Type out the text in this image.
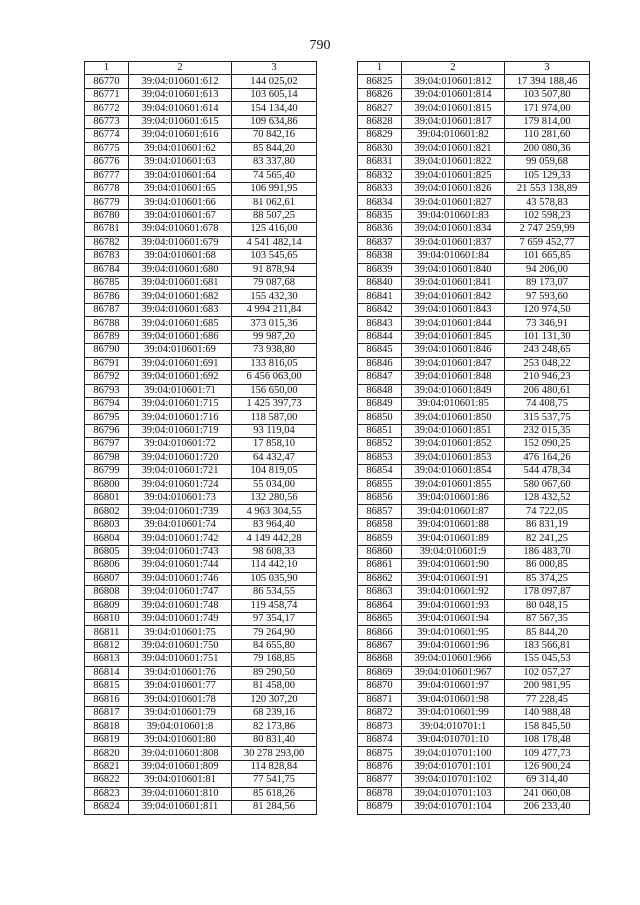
790
1	2	3
86770	39:04:010601:612	144 025,02
86771	39:04:010601:613	103 605,14
86772	39:04:010601:614	154 134,40
86773	39:04:010601:615	109 634,86
86774	39:04:010601:616	70 842,16
86775	39:04:010601:62	85 844,20
86776	39:04:010601:63	83 337,80
86777	39:04:010601:64	74 565,40
86778	39:04:010601:65	106 991,95
86779	39:04:010601:66	81 062,61
86780	39:04:010601:67	88 507,25
86781	39:04:010601:678	125 416,00
86782	39:04:010601:679	4 541 482,14
86783	39:04:010601:68	103 545,65
86784	39:04:010601:680	91 878,94
86785	39:04:010601:681	79 087,68
86786	39:04:010601:682	155 432,30
86787	39:04:010601:683	4 994 211,84
86788	39:04:010601:685	373 015,36
86789	39:04:010601:686	99 987,20
86790	39:04:010601:69	73 938,80
86791	39:04:010601:691	133 816,05
86792	39:04:010601:692	6 456 063,00
86793	39:04:010601:71	156 650,00
86794	39:04:010601:715	1 425 397,73
86795	39:04:010601:716	118 587,00
86796	39:04:010601:719	93 119,04
86797	39:04:010601:72	17 858,10
86798	39:04:010601:720	64 432,47
86799	39:04:010601:721	104 819,05
86800	39:04:010601:724	55 034,00
86801	39:04:010601:73	132 280,56
86802	39:04:010601:739	4 963 304,55
86803	39:04:010601:74	83 964,40
86804	39:04:010601:742	4 149 442,28
86805	39:04:010601:743	98 608,33
86806	39:04:010601:744	114 442,10
86807	39:04:010601:746	105 035,90
86808	39:04:010601:747	86 534,55
86809	39:04:010601:748	119 458,74
86810	39:04:010601:749	97 354,17
86811	39:04:010601:75	79 264,90
86812	39:04:010601:750	84 655,80
86813	39:04:010601:751	79 168,85
86814	39:04:010601:76	89 290,50
86815	39:04:010601:77	81 458,00
86816	39:04:010601:78	120 307,20
86817	39:04:010601:79	68 239,16
86818	39:04:010601:8	82 173,86
86819	39:04:010601:80	80 831,40
86820	39:04:010601:808	30 278 293,00
86821	39:04:010601:809	114 828,84
86822	39:04:010601:81	77 541,75
86823	39:04:010601:810	85 618,26
86824	39:04:010601:811	81 284,56
1	2	3
86825	39:04:010601:812	17 394 188,46
86826	39:04:010601:814	103 507,80
86827	39:04:010601:815	171 974,00
86828	39:04:010601:817	179 814,00
86829	39:04:010601:82	110 281,60
86830	39:04:010601:821	200 080,36
86831	39:04:010601:822	99 059,68
86832	39:04:010601:825	105 129,33
86833	39:04:010601:826	21 553 138,89
86834	39:04:010601:827	43 578,83
86835	39:04:010601:83	102 598,23
86836	39:04:010601:834	2 747 259,99
86837	39:04:010601:837	7 659 452,77
86838	39:04:010601:84	101 665,85
86839	39:04:010601:840	94 206,00
86840	39:04:010601:841	89 173,07
86841	39:04:010601:842	97 593,60
86842	39:04:010601:843	120 974,50
86843	39:04:010601:844	73 346,91
86844	39:04:010601:845	101 131,30
86845	39:04:010601:846	243 248,65
86846	39:04:010601:847	253 048,22
86847	39:04:010601:848	210 946,23
86848	39:04:010601:849	206 480,61
86849	39:04:010601:85	74 408,75
86850	39:04:010601:850	315 537,75
86851	39:04:010601:851	232 015,35
86852	39:04:010601:852	152 090,25
86853	39:04:010601:853	476 164,26
86854	39:04:010601:854	544 478,34
86855	39:04:010601:855	580 067,60
86856	39:04:010601:86	128 432,52
86857	39:04:010601:87	74 722,05
86858	39:04:010601:88	86 831,19
86859	39:04:010601:89	82 241,25
86860	39:04:010601:9	186 483,70
86861	39:04:010601:90	86 000,85
86862	39:04:010601:91	85 374,25
86863	39:04:010601:92	178 097,87
86864	39:04:010601:93	80 048,15
86865	39:04:010601:94	87 567,35
86866	39:04:010601:95	85 844,20
86867	39:04:010601:96	183 566,81
86868	39:04:010601:966	155 045,53
86869	39:04:010601:967	102 057,27
86870	39:04:010601:97	200 981,95
86871	39:04:010601:98	77 228,45
86872	39:04:010601:99	140 988,48
86873	39:04:010701:1	158 845,50
86874	39:04:010701:10	108 178,48
86875	39:04:010701:100	109 477,73
86876	39:04:010701:101	126 900,24
86877	39:04:010701:102	69 314,40
86878	39:04:010701:103	241 060,08
86879	39:04:010701:104	206 233,40
